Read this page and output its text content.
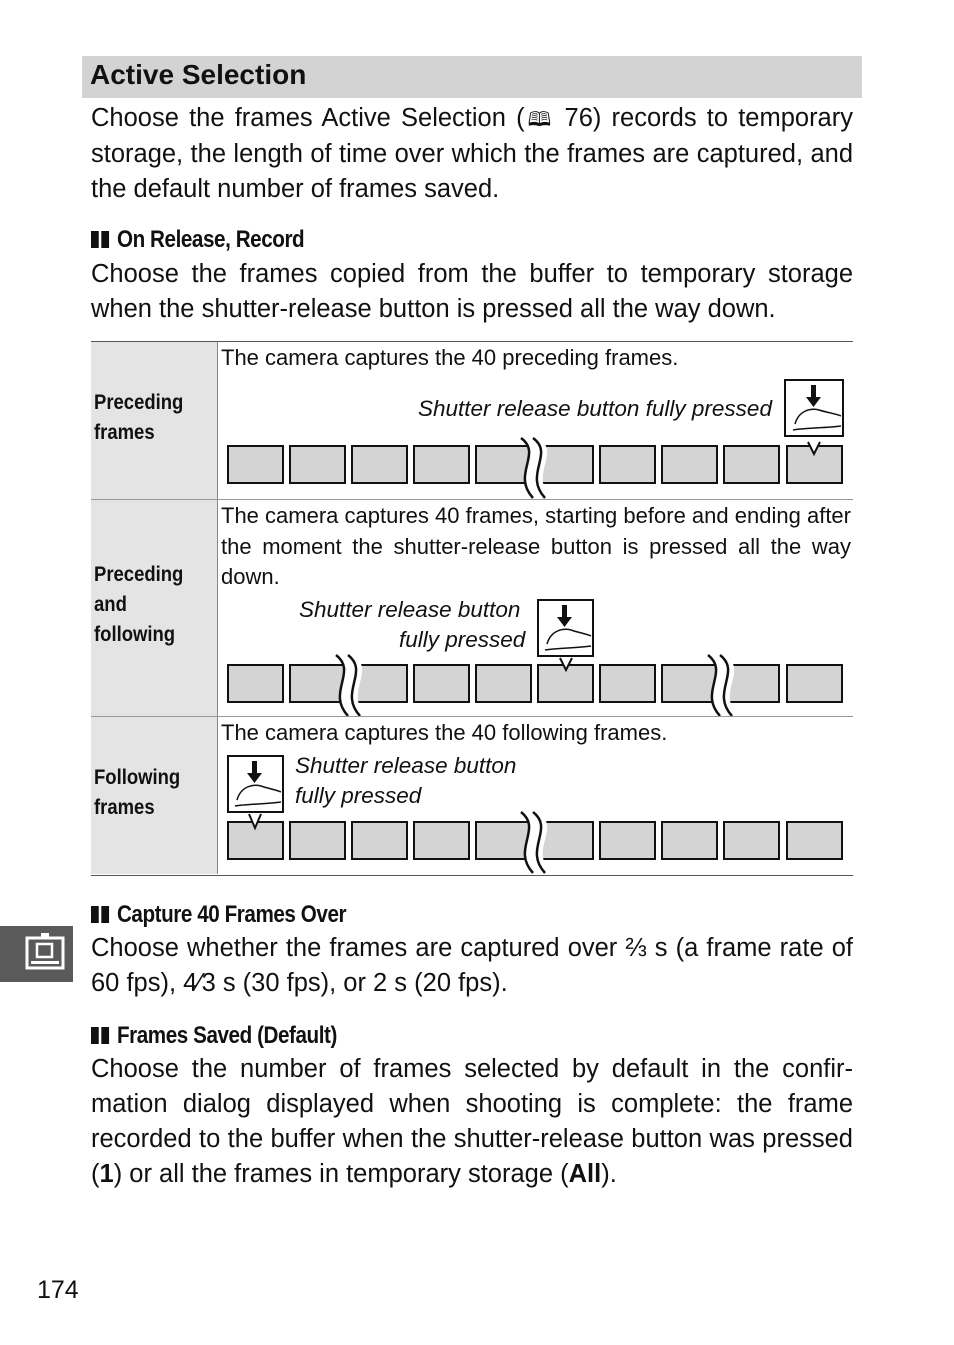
Active Selection

Choose the frames Active Selection (🕮 76) records to temporary storage, the length of time over which the frames are captured, and the default number of frames saved.

On Release, Record

Choose the frames copied from the buffer to temporary storage when the shutter-release button is pressed all the way down.

Preceding
frames
The camera captures the 40 preceding frames.
Shutter release button fully pressed
Preceding
and
following
The camera captures 40 frames, starting before and ending after the moment the shutter-release button is pressed all the way down.
Shutter release button
fully pressed
Following
frames
The camera captures the 40 following frames.
Shutter release button
fully pressed
Capture 40 Frames Over

Choose whether the frames are captured over ⅔ s (a frame rate of 60 fps), 4⁄3 s (30 fps), or 2 s (20 fps).

Frames Saved (Default)

Choose the number of frames selected by default in the confir-mation dialog displayed when shooting is complete: the frame recorded to the buffer when the shutter-release button was pressed (1) or all the frames in temporary storage (All).

174
